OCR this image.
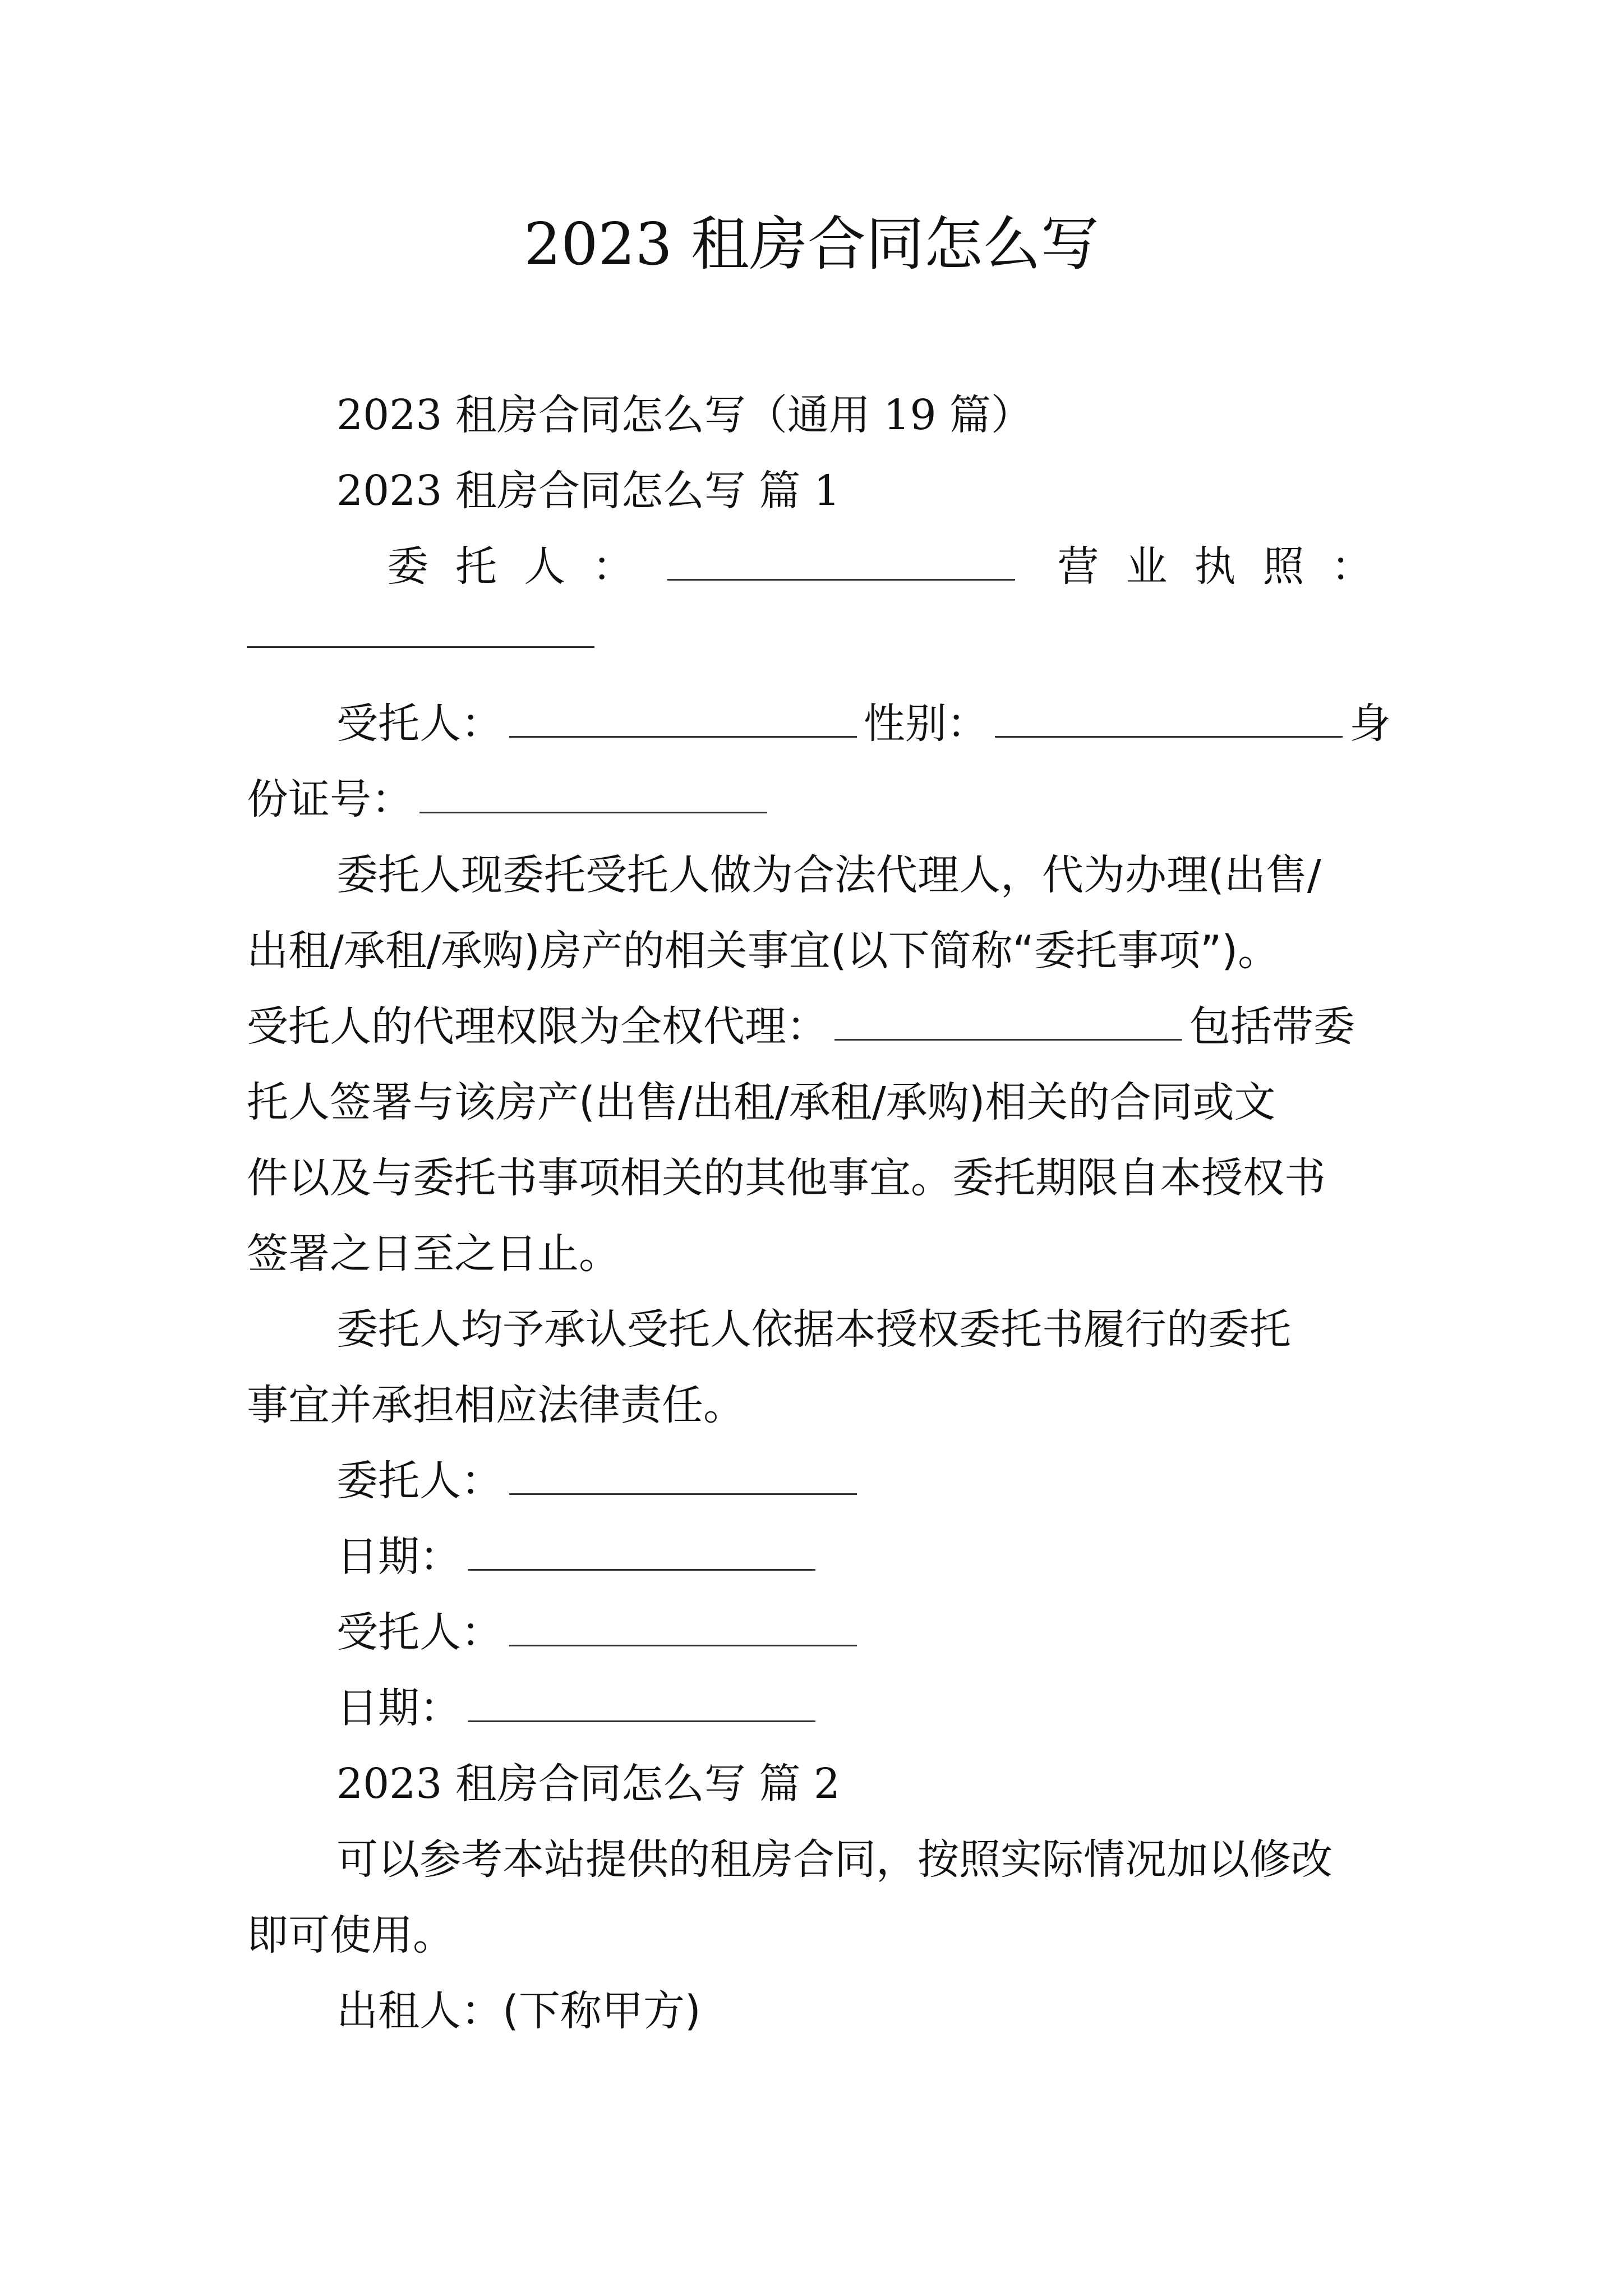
2023 租房合同怎么写
2023 租房合同怎么写（通用 19 篇）
2023 租房合同怎么写 篇 1
委托人：	营业执照：
受托人：	性别：	身
份证号：
委托人现委托受托人做为合法代理人，代为办理(出售/
出租/承租/承购)房产的相关事宜(以下简称“委托事项”)。
受托人的代理权限为全权代理：	包括带委
托人签署与该房产(出售/出租/承租/承购)相关的合同或文
件以及与委托书事项相关的其他事宜。委托期限自本授权书
签署之日至之日止。
委托人均予承认受托人依据本授权委托书履行的委托
事宜并承担相应法律责任。
委托人：
日期：
受托人：
日期：
2023 租房合同怎么写 篇 2
可以参考本站提供的租房合同，按照实际情况加以修改
即可使用。
出租人：(下称甲方)
